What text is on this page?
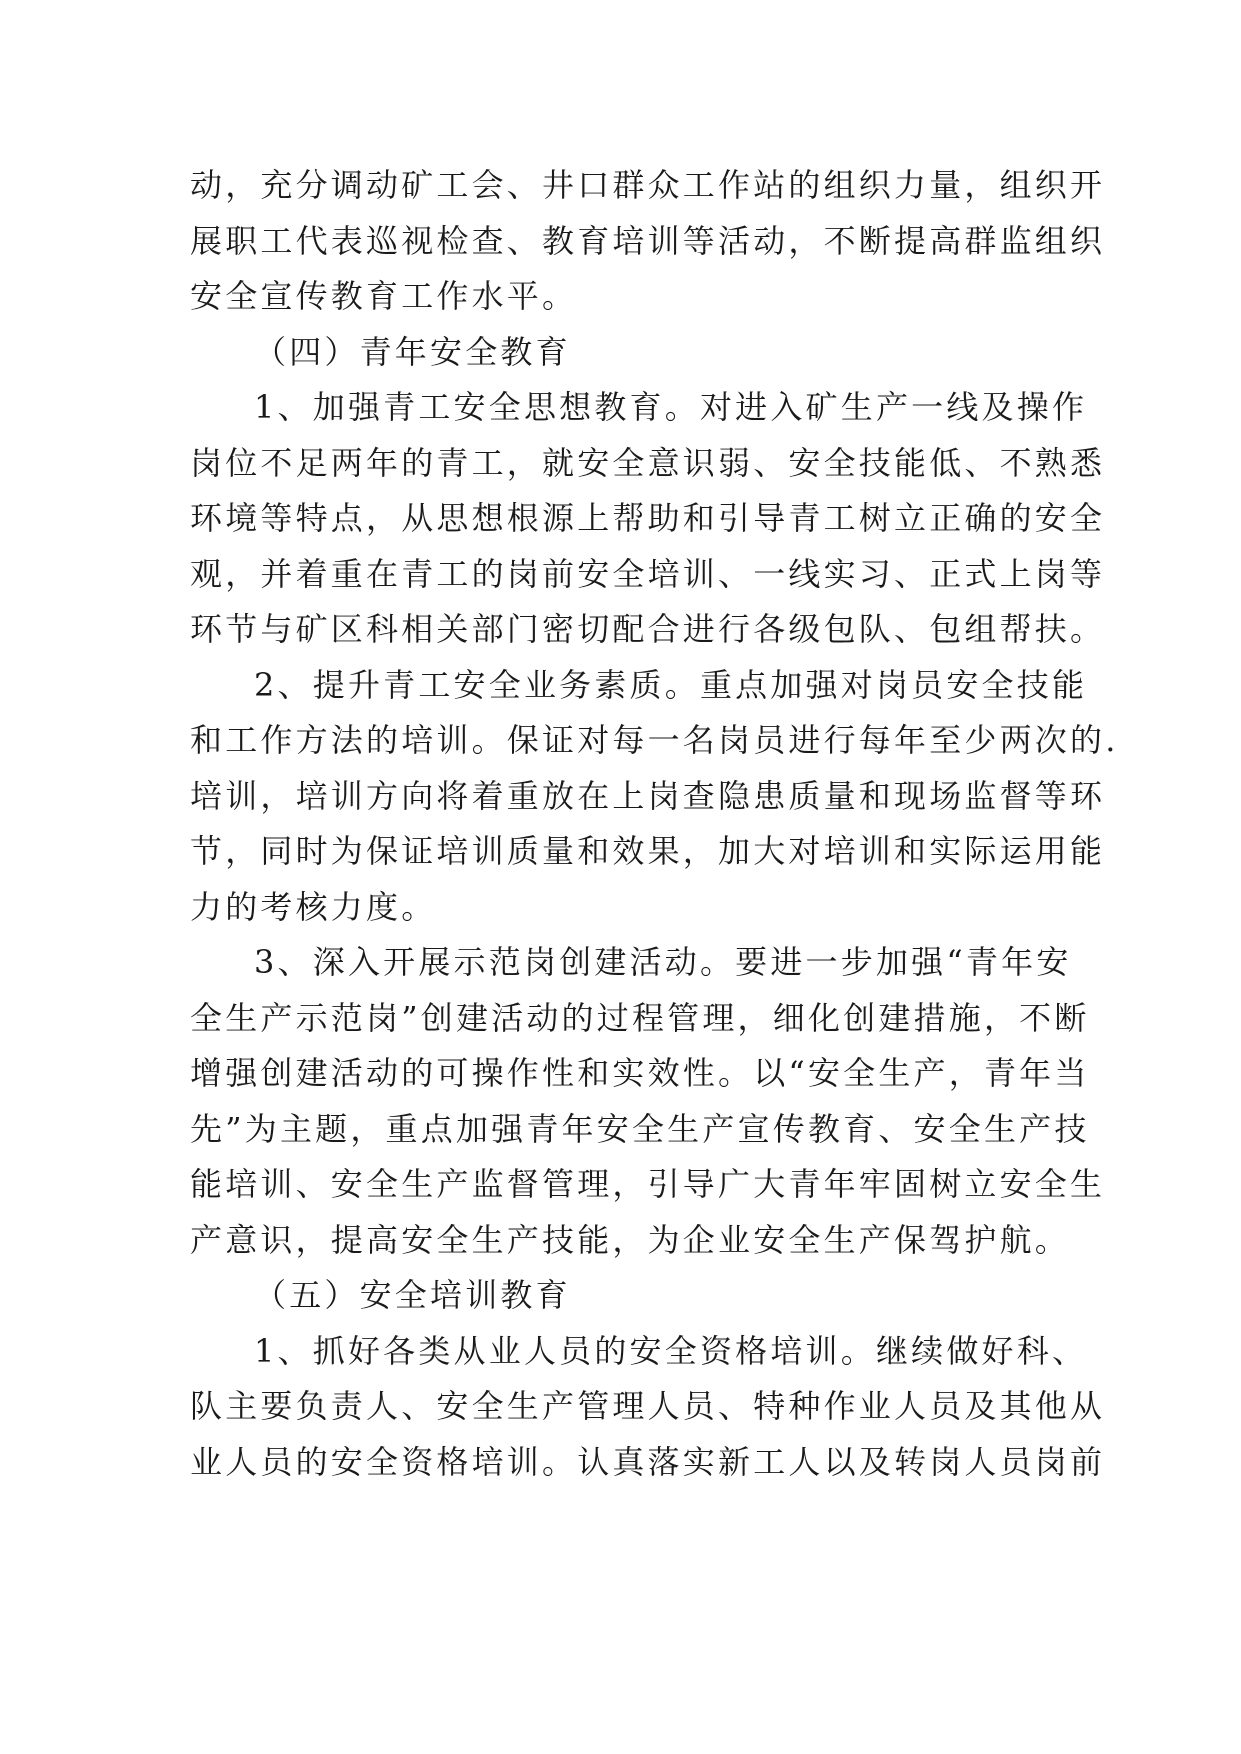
动，充分调动矿工会、井口群众工作站的组织力量，组织开
展职工代表巡视检查、教育培训等活动，不断提高群监组织
安全宣传教育工作水平。
（四）青年安全教育
1、加强青工安全思想教育。对进入矿生产一线及操作
岗位不足两年的青工，就安全意识弱、安全技能低、不熟悉
环境等特点，从思想根源上帮助和引导青工树立正确的安全
观，并着重在青工的岗前安全培训、一线实习、正式上岗等
环节与矿区科相关部门密切配合进行各级包队、包组帮扶。
2、提升青工安全业务素质。重点加强对岗员安全技能
和工作方法的培训。保证对每一名岗员进行每年至少两次的.
培训，培训方向将着重放在上岗查隐患质量和现场监督等环
节，同时为保证培训质量和效果，加大对培训和实际运用能
力的考核力度。
3、深入开展示范岗创建活动。要进一步加强“青年安
全生产示范岗”创建活动的过程管理，细化创建措施，不断
增强创建活动的可操作性和实效性。以“安全生产，青年当
先”为主题，重点加强青年安全生产宣传教育、安全生产技
能培训、安全生产监督管理，引导广大青年牢固树立安全生
产意识，提高安全生产技能，为企业安全生产保驾护航。
（五）安全培训教育
1、抓好各类从业人员的安全资格培训。继续做好科、
队主要负责人、安全生产管理人员、特种作业人员及其他从
业人员的安全资格培训。认真落实新工人以及转岗人员岗前
